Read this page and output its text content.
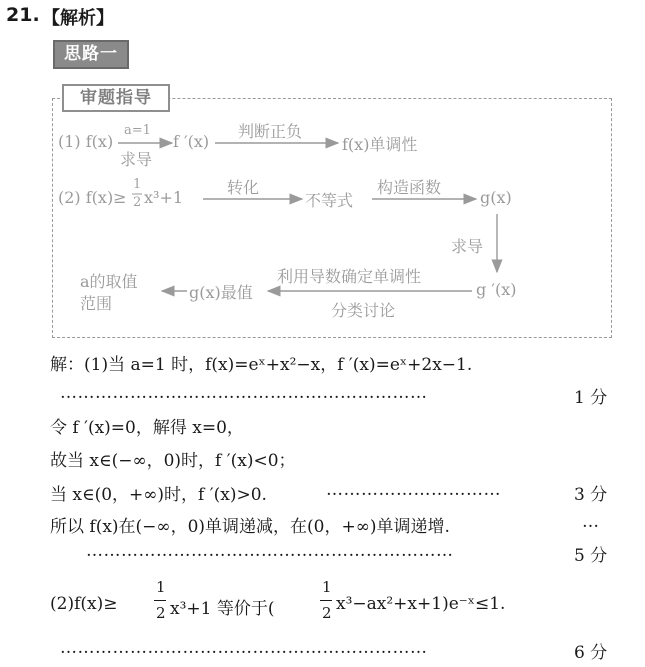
21. 【解析】
思路一
审题指导
(1) f(x)
a=1
求导
f ′(x)
判断正负
f(x)单调性
(2) f(x)≥
1
2 x³+1
转化
不等式
构造函数
g(x)
求导
a的取值
范围
g(x)最值
利用导数确定单调性
分类讨论
g ′(x)
解：(1)当 a=1 时，f(x)=eˣ+x²−x，f ′(x)=eˣ+2x−1.
………………………………………………………	1 分
令 f ′(x)=0，解得 x=0，
故当 x∈(−∞，0)时，f ′(x)<0；
当 x∈(0，+∞)时，f ′(x)>0.	…………………………	3 分
所以 f(x)在(−∞，0)单调递减，在(0，+∞)单调递增.	…
………………………………………………………	5 分
(2)f(x)≥
1
2 x³+1 等价于(
1
2 x³−ax²+x+1)e⁻ˣ≤1.
………………………………………………………	6 分
